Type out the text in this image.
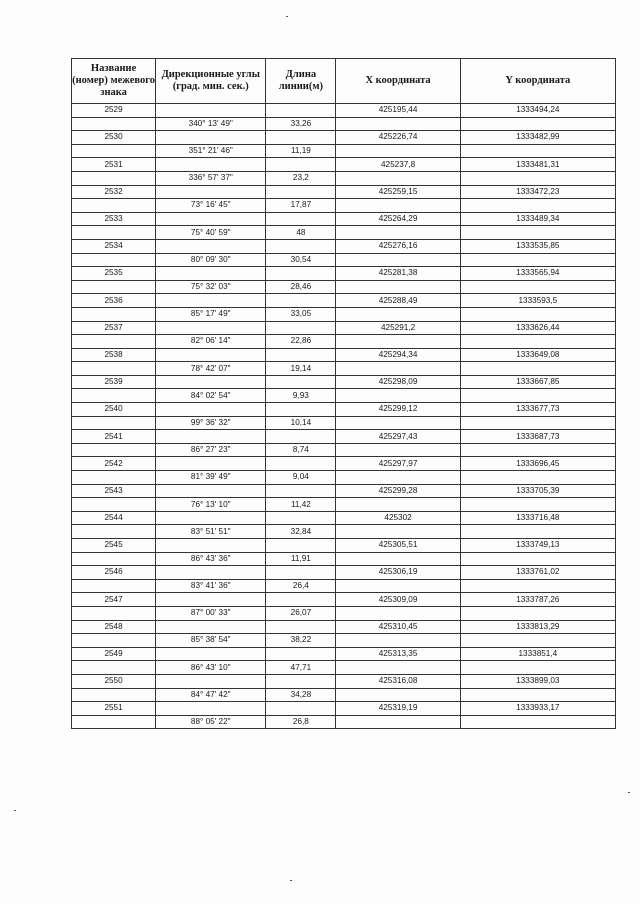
Название (номер) межевого знака	Дирекционные углы (град. мин. сек.)	Длина линии(м)	X координата	Y координата
2529			425195,44	1333494,24
	340° 13' 49"	33,26		
2530			425226,74	1333482,99
	351° 21' 46"	11,19		
2531			425237,8	1333481,31
	336° 57' 37"	23,2		
2532			425259,15	1333472,23
	73° 16' 45"	17,87		
2533			425264,29	1333489,34
	75° 40' 59"	48		
2534			425276,16	1333535,85
	80° 09' 30"	30,54		
2535			425281,38	1333565,94
	75° 32' 03"	28,46		
2536			425288,49	1333593,5
	85° 17' 49"	33,05		
2537			425291,2	1333626,44
	82° 06' 14"	22,86		
2538			425294,34	1333649,08
	78° 42' 07"	19,14		
2539			425298,09	1333667,85
	84° 02' 54"	9,93		
2540			425299,12	1333677,73
	99° 36' 32"	10,14		
2541			425297,43	1333687,73
	86° 27' 23"	8,74		
2542			425297,97	1333696,45
	81° 39' 49"	9,04		
2543			425299,28	1333705,39
	76° 13' 10"	11,42		
2544			425302	1333716,48
	83° 51' 51"	32,84		
2545			425305,51	1333749,13
	86° 43' 36"	11,91		
2546			425306,19	1333761,02
	83° 41' 36"	26,4		
2547			425309,09	1333787,26
	87° 00' 33"	26,07		
2548			425310,45	1333813,29
	85° 38' 54"	38,22		
2549			425313,35	1333851,4
	86° 43' 10"	47,71		
2550			425316,08	1333899,03
	84° 47' 42"	34,28		
2551			425319,19	1333933,17
	88° 05' 22"	26,8		
